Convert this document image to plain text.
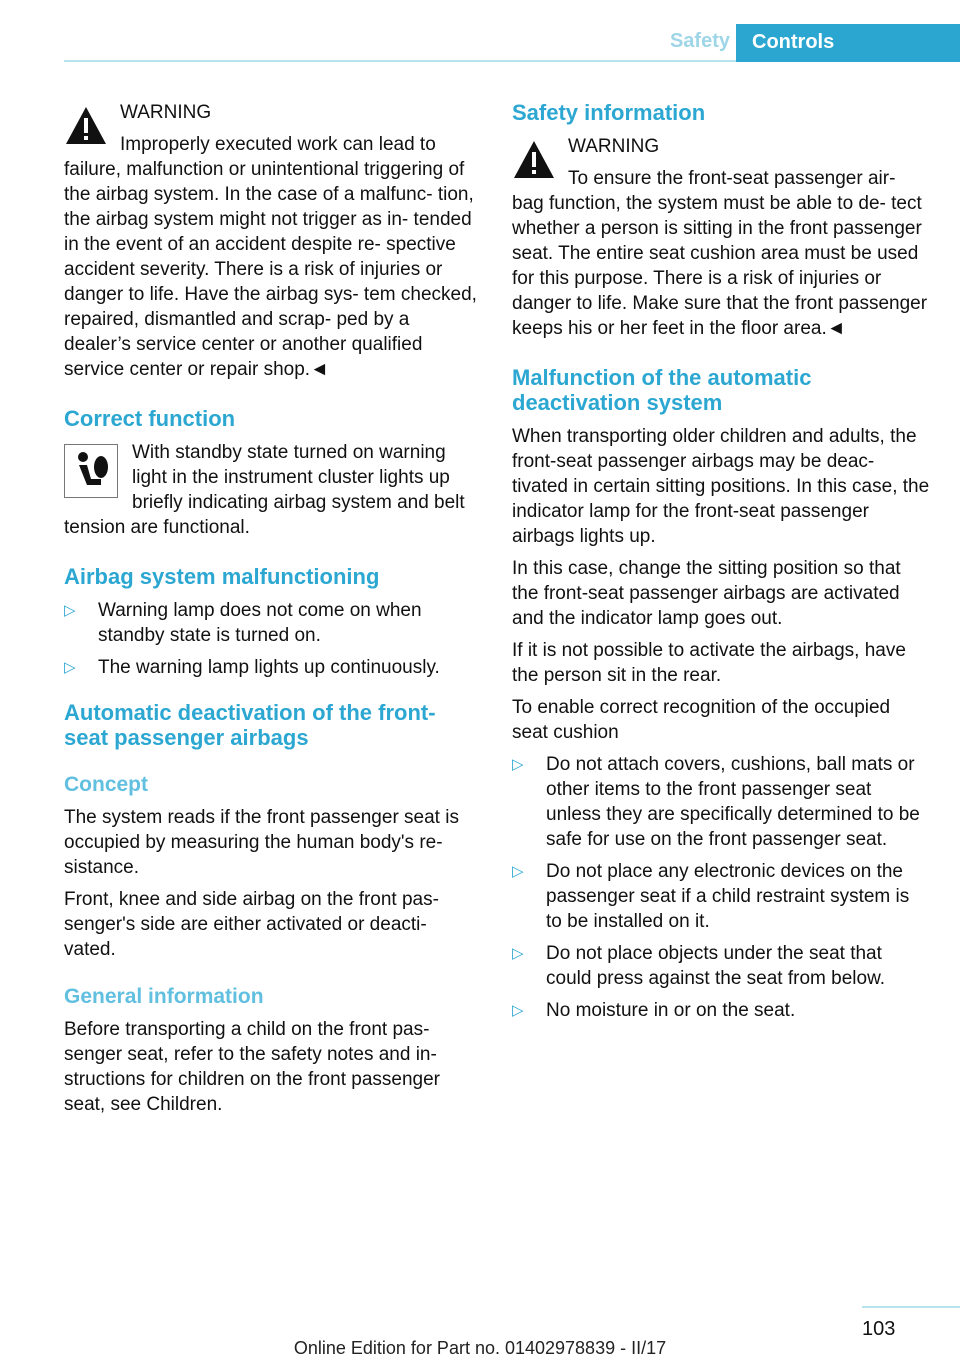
Safety Controls
WARNING
Improperly executed work can lead to failure, malfunction or unintentional triggering of the airbag system. In the case of a malfunc- tion, the airbag system might not trigger as in- tended in the event of an accident despite re- spective accident severity. There is a risk of injuries or danger to life. Have the airbag sys- tem checked, repaired, dismantled and scrap- ped by a dealer’s service center or another qualified service center or repair shop.◄
Correct function
With standby state turned on warning light in the instrument cluster lights up briefly indicating airbag system and belt tension are functional.
Airbag system malfunctioning
▷ Warning lamp does not come on when standby state is turned on.
▷ The warning lamp lights up continuously.
Automatic deactivation of the front- seat passenger airbags
Concept

The system reads if the front passenger seat is occupied by measuring the human body's re- sistance.

Front, knee and side airbag on the front pas- senger's side are either activated or deacti- vated.

General information

Before transporting a child on the front pas- senger seat, refer to the safety notes and in- structions for children on the front passenger seat, see Children.

Safety information
WARNING
To ensure the front-seat passenger air- bag function, the system must be able to de- tect whether a person is sitting in the front passenger seat. The entire seat cushion area must be used for this purpose. There is a risk of injuries or danger to life. Make sure that the front passenger keeps his or her feet in the floor area.◄
Malfunction of the automatic deactivation system

When transporting older children and adults, the front-seat passenger airbags may be deac- tivated in certain sitting positions. In this case, the indicator lamp for the front-seat passenger airbags lights up.

In this case, change the sitting position so that the front-seat passenger airbags are activated and the indicator lamp goes out.

If it is not possible to activate the airbags, have the person sit in the rear.

To enable correct recognition of the occupied seat cushion

▷ Do not attach covers, cushions, ball mats or other items to the front passenger seat unless they are specifically determined to be safe for use on the front passenger seat.
▷ Do not place any electronic devices on the passenger seat if a child restraint system is to be installed on it.
▷ Do not place objects under the seat that could press against the seat from below.
▷ No moisture in or on the seat.
103
Online Edition for Part no. 01402978839 - II/17
